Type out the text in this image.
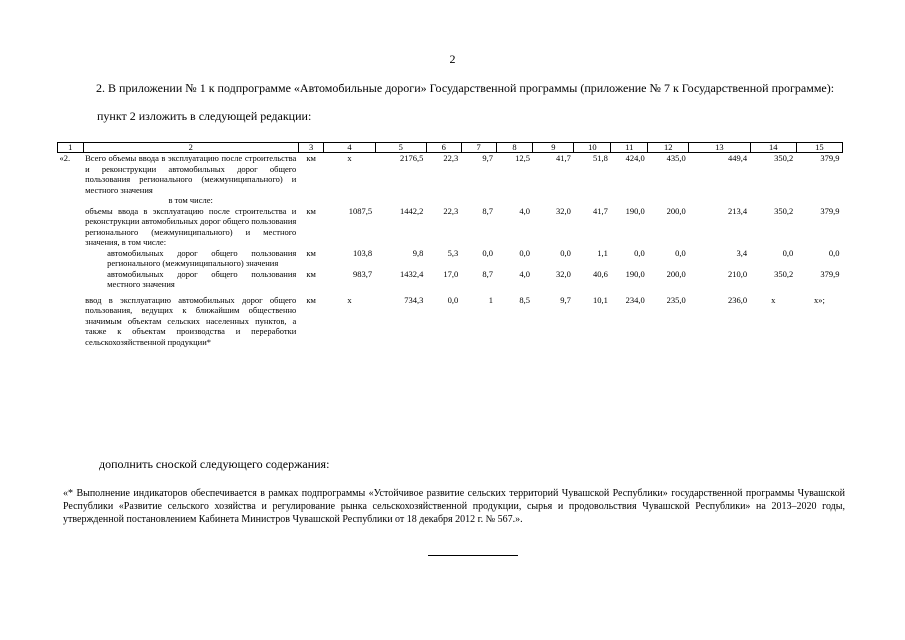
2
2. В приложении № 1 к подпрограмме «Автомобильные дороги» Государственной программы (приложение № 7 к Государственной программе):
пункт 2 изложить в следующей редакции:
1	2	3	4	5	6	7	8	9	10	11	12	13	14	15
«2.	Всего объемы ввода в эксплуатацию после строительства и реконструкции автомобильных дорог общего пользования регионального (межмуниципального) и местного значения	км	х	2176,5	22,3	9,7	12,5	41,7	51,8	424,0	435,0	449,4	350,2	379,9
	в том числе:													
	объемы ввода в эксплуатацию после строительства и реконструкции автомобильных дорог общего пользования регионального (межмуниципального) и местного значения, в том числе:	км	1087,5	1442,2	22,3	8,7	4,0	32,0	41,7	190,0	200,0	213,4	350,2	379,9
	автомобильных дорог общего пользования регионального (межмуниципального) значения	км	103,8	9,8	5,3	0,0	0,0	0,0	1,1	0,0	0,0	3,4	0,0	0,0
	автомобильных дорог общего пользования местного значения	км	983,7	1432,4	17,0	8,7	4,0	32,0	40,6	190,0	200,0	210,0	350,2	379,9
	ввод в эксплуатацию автомобильных дорог общего пользования, ведущих к ближайшим общественно значимым объектам сельских населенных пунктов, а также к объектам производства и переработки сельскохозяйственной продукции*	км	х	734,3	0,0	1	8,5	9,7	10,1	234,0	235,0	236,0	х	х»;
дополнить сноской следующего содержания:
«* Выполнение индикаторов обеспечивается в рамках подпрограммы «Устойчивое развитие сельских территорий Чувашской Республики» государственной программы Чувашской Республики «Развитие сельского хозяйства и регулирование рынка сельскохозяйственной продукции, сырья и продовольствия Чувашской Республики» на 2013–2020 годы, утвержденной постановлением Кабинета Министров Чувашской Республики от 18 декабря 2012 г. № 567.».
